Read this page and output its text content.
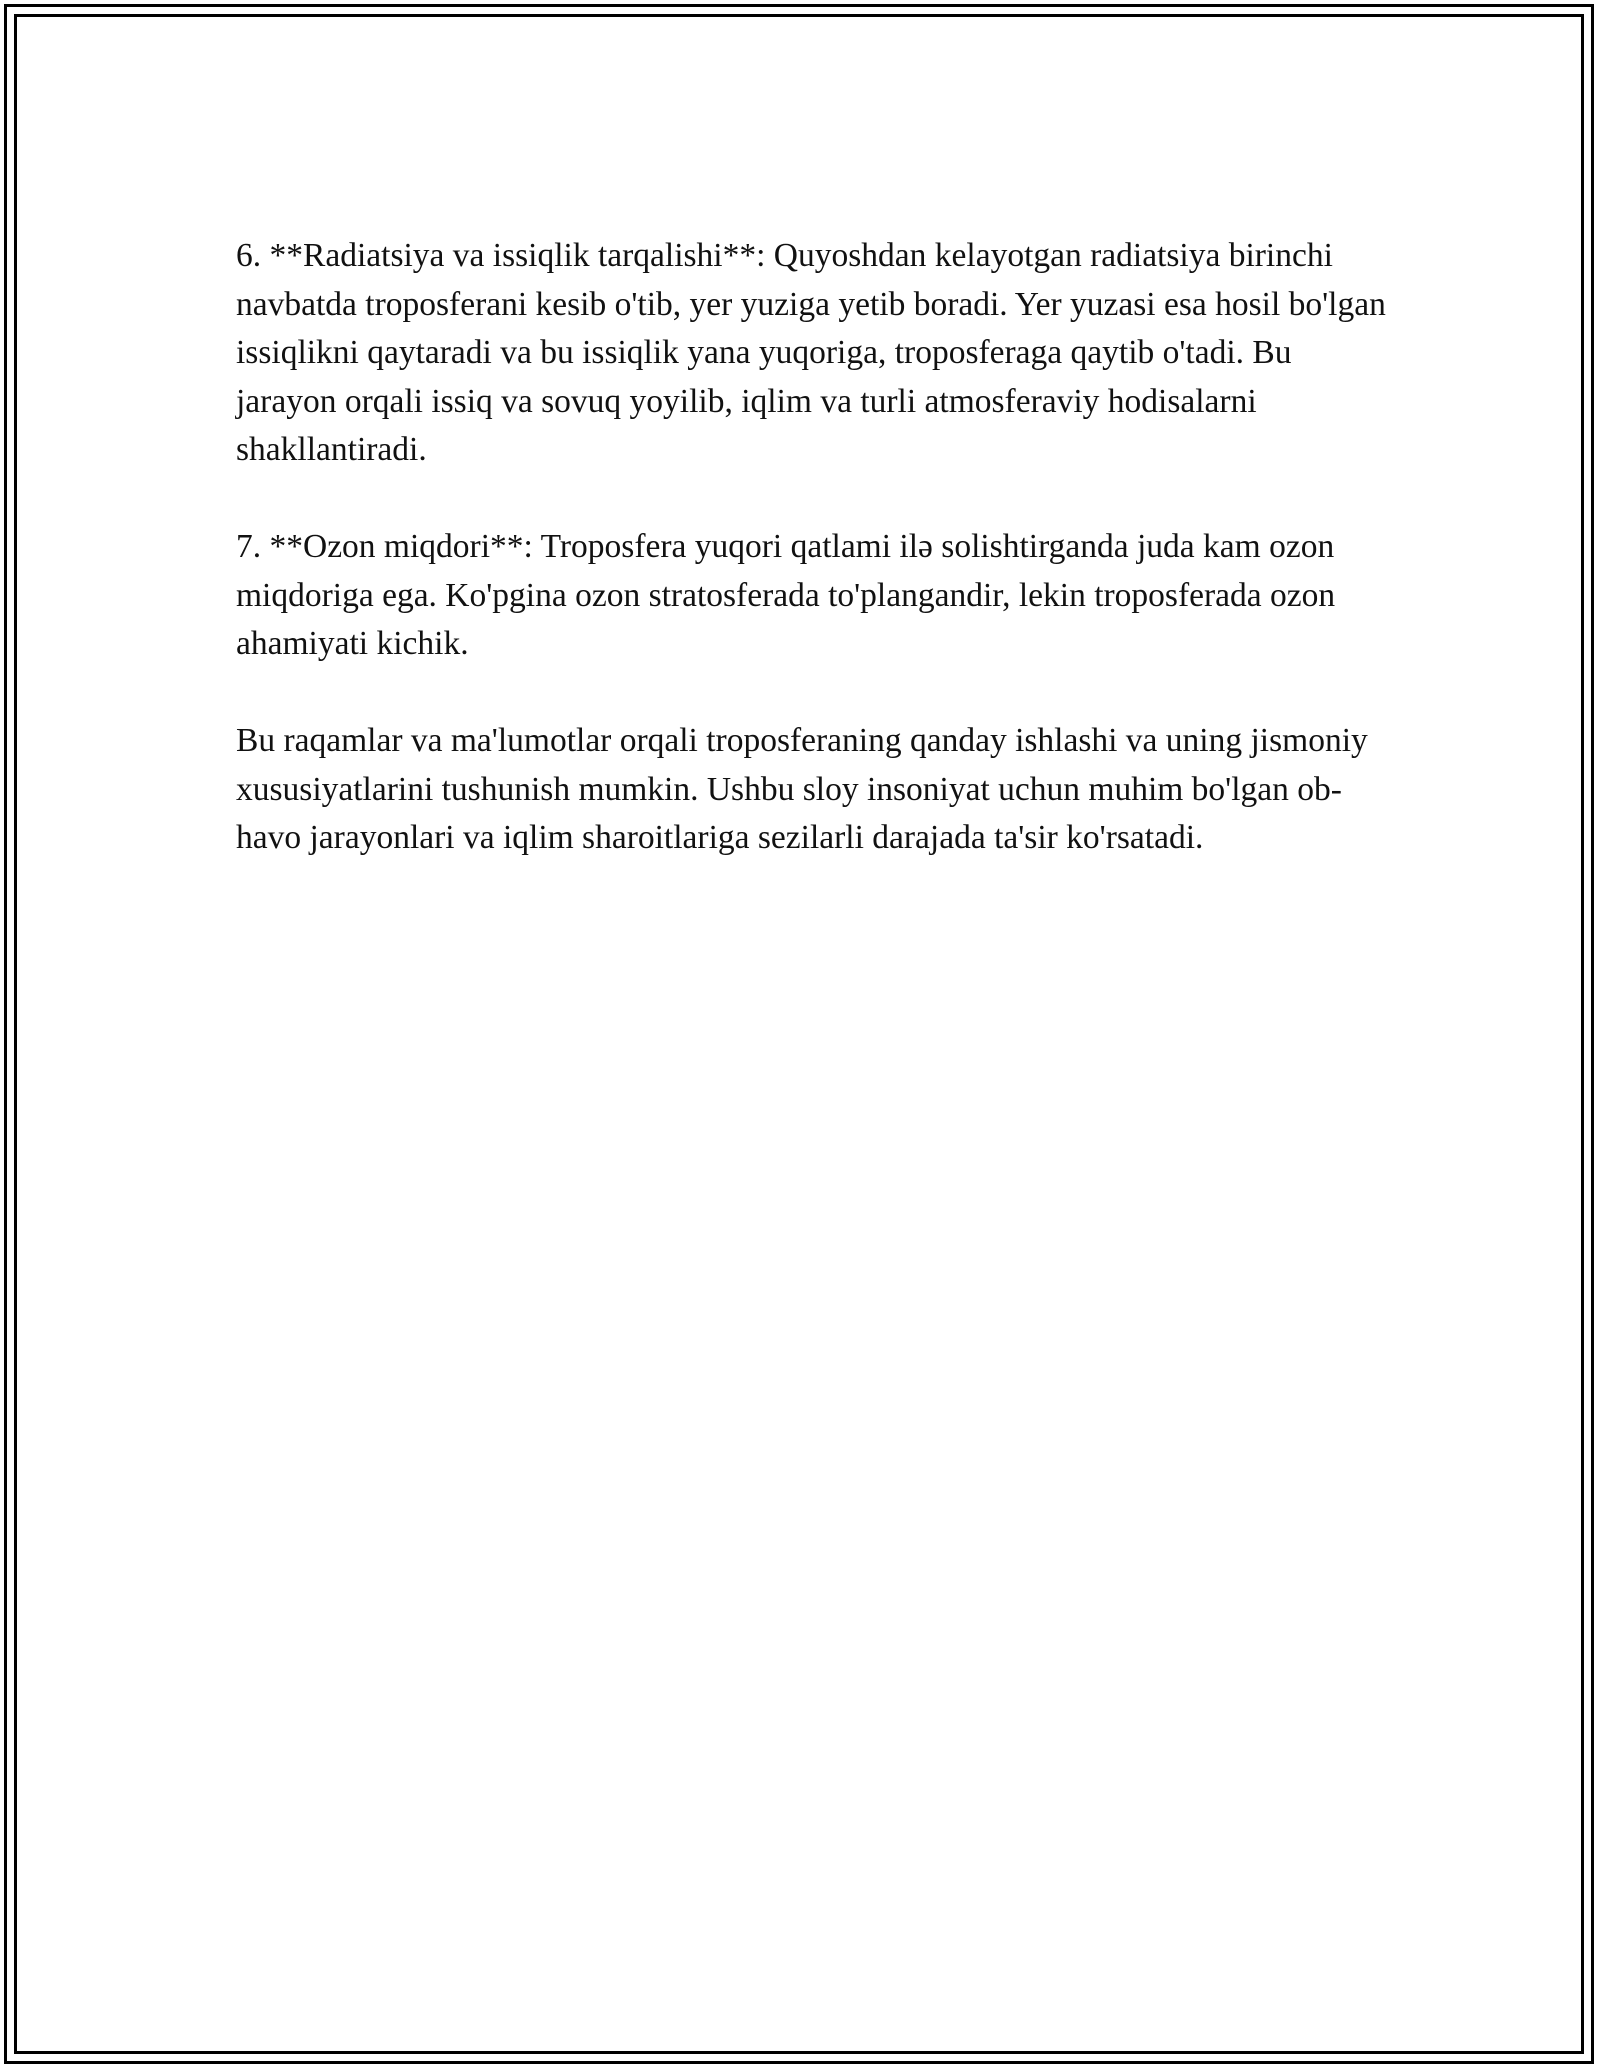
6. **Radiatsiya va issiqlik tarqalishi**: Quyoshdan kelayotgan radiatsiya birinchi navbatda troposferani kesib o'tib, yer yuziga yetib boradi. Yer yuzasi esa hosil bo'lgan issiqlikni qaytaradi va bu issiqlik yana yuqoriga, troposferaga qaytib o'tadi. Bu jarayon orqali issiq va sovuq yoyilib, iqlim va turli atmosferaviy hodisalarni shakllantiradi.

7. **Ozon miqdori**: Troposfera yuqori qatlami ilə solishtirganda juda kam ozon miqdoriga ega. Ko'pgina ozon stratosferada to'plangandir, lekin troposferada ozon ahamiyati kichik.

Bu raqamlar va ma'lumotlar orqali troposferaning qanday ishlashi va uning jismoniy xususiyatlarini tushunish mumkin. Ushbu sloy insoniyat uchun muhim bo'lgan ob-havo jarayonlari va iqlim sharoitlariga sezilarli darajada ta'sir ko'rsatadi.
